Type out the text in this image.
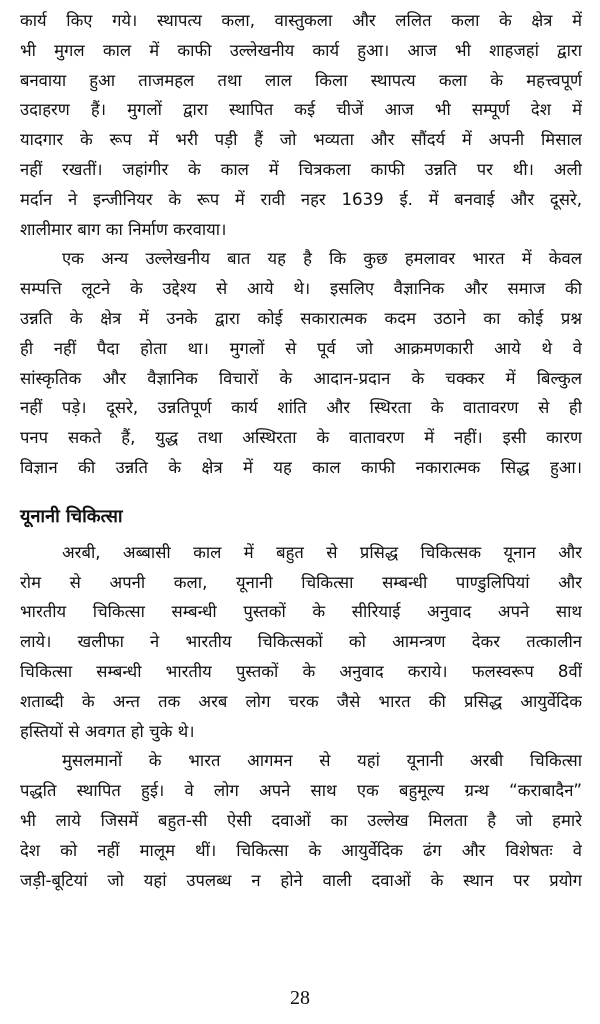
कार्य किए गये। स्थापत्य कला, वास्तुकला और ललित कला के क्षेत्र में
भी मुगल काल में काफी उल्लेखनीय कार्य हुआ। आज भी शाहजहां द्वारा
बनवाया हुआ ताजमहल तथा लाल किला स्थापत्य कला के महत्त्वपूर्ण
उदाहरण हैं। मुगलों द्वारा स्थापित कई चीजें आज भी सम्पूर्ण देश में
यादगार के रूप में भरी पड़ी हैं जो भव्यता और सौंदर्य में अपनी मिसाल
नहीं रखतीं। जहांगीर के काल में चित्रकला काफी उन्नति पर थी। अली
मर्दान ने इन्जीनियर के रूप में रावी नहर 1639 ई. में बनवाई और दूसरे,
शालीमार बाग का निर्माण करवाया।
एक अन्य उल्लेखनीय बात यह है कि कुछ हमलावर भारत में केवल
सम्पत्ति लूटने के उद्देश्य से आये थे। इसलिए वैज्ञानिक और समाज की
उन्नति के क्षेत्र में उनके द्वारा कोई सकारात्मक कदम उठाने का कोई प्रश्न
ही नहीं पैदा होता था। मुगलों से पूर्व जो आक्रमणकारी आये थे वे
सांस्कृतिक और वैज्ञानिक विचारों के आदान-प्रदान के चक्कर में बिल्कुल
नहीं पड़े। दूसरे, उन्नतिपूर्ण कार्य शांति और स्थिरता के वातावरण से ही
पनप सकते हैं, युद्ध तथा अस्थिरता के वातावरण में नहीं। इसी कारण
विज्ञान की उन्नति के क्षेत्र में यह काल काफी नकारात्मक सिद्ध हुआ।
यूनानी चिकित्सा
अरबी, अब्बासी काल में बहुत से प्रसिद्ध चिकित्सक यूनान और
रोम से अपनी कला, यूनानी चिकित्सा सम्बन्धी पाण्डुलिपियां और
भारतीय चिकित्सा सम्बन्धी पुस्तकों के सीरियाई अनुवाद अपने साथ
लाये। खलीफा ने भारतीय चिकित्सकों को आमन्त्रण देकर तत्कालीन
चिकित्सा सम्बन्धी भारतीय पुस्तकों के अनुवाद कराये। फलस्वरूप 8वीं
शताब्दी के अन्त तक अरब लोग चरक जैसे भारत की प्रसिद्ध आयुर्वेदिक
हस्तियों से अवगत हो चुके थे।
मुसलमानों के भारत आगमन से यहां यूनानी अरबी चिकित्सा
पद्धति स्थापित हुई। वे लोग अपने साथ एक बहुमूल्य ग्रन्थ “कराबादैन”
भी लाये जिसमें बहुत-सी ऐसी दवाओं का उल्लेख मिलता है जो हमारे
देश को नहीं मालूम थीं। चिकित्सा के आयुर्वेदिक ढंग और विशेषतः वे
जड़ी-बूटियां जो यहां उपलब्ध न होने वाली दवाओं के स्थान पर प्रयोग
28
